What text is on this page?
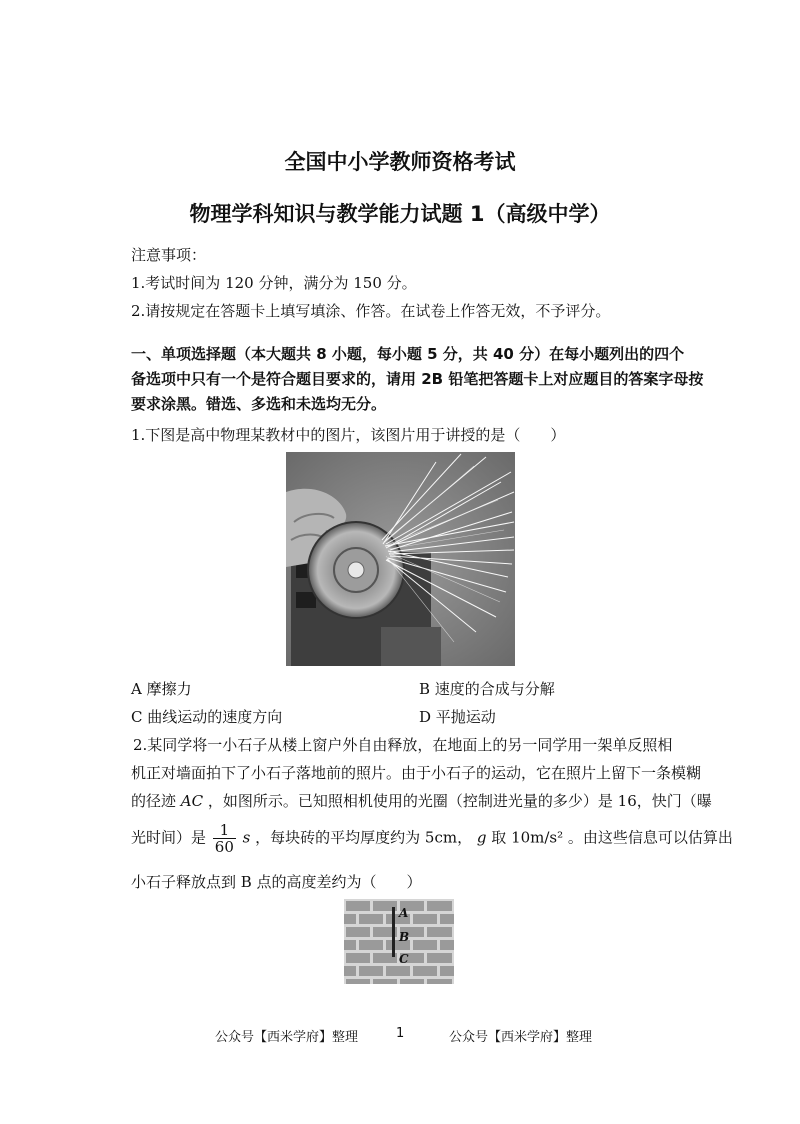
全国中小学教师资格考试
物理学科知识与教学能力试题 1（高级中学）
注意事项：
1.考试时间为 120 分钟，满分为 150 分。
2.请按规定在答题卡上填写填涂、作答。在试卷上作答无效，不予评分。
一、单项选择题（本大题共 8 小题，每小题 5 分，共 40 分）在每小题列出的四个
备选项中只有一个是符合题目要求的，请用 2B 铅笔把答题卡上对应题目的答案字母按
要求涂黑。错选、多选和未选均无分。
1.下图是高中物理某教材中的图片，该图片用于讲授的是（　　）
A 摩擦力	B 速度的合成与分解
C 曲线运动的速度方向	D 平抛运动
2.某同学将一小石子从楼上窗户外自由释放，在地面上的另一同学用一架单反照相
机正对墙面拍下了小石子落地前的照片。由于小石子的运动，它在照片上留下一条模糊
的径迹 AC ，如图所示。已知照相机使用的光圈（控制进光量的多少）是 16，快门（曝
光时间）是 $\frac{1}{60}$ s ，每块砖的平均厚度约为 5cm， g 取 10m/s² 。由这些信息可以估算出
小石子释放点到 B 点的高度差约为（　　）
A
B
C
公众号【西米学府】整理	1	公众号【西米学府】整理
